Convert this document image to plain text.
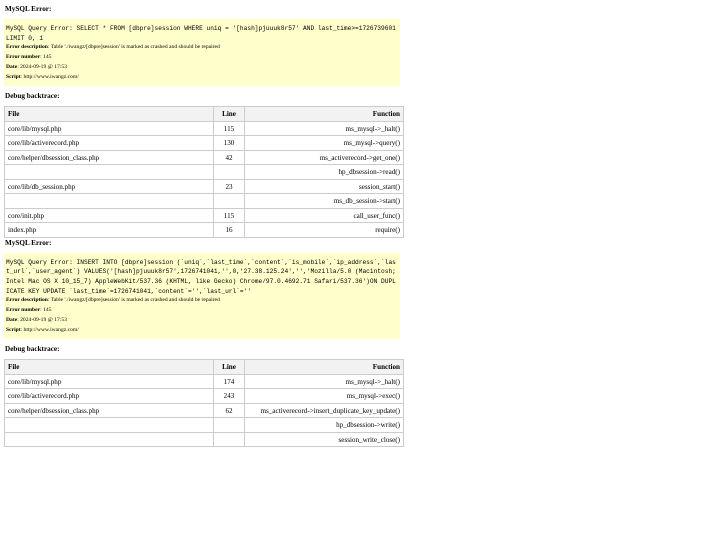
MySQL Error:
MySQL Query Error: SELECT * FROM [dbpre]session WHERE uniq = '[hash]pjuuuk8r57' AND last_time>=1726739601 LIMIT 0, 1
Error description: Table './iwangz/[dbpre]session' is marked as crashed and should be repaired
Error number: 145
Date: 2024-09-19 @ 17:53
Script: http://www.iwangz.com/
Debug backtrace:
File	Line	Function
core/lib/mysql.php	115	ms_mysql->_halt()
core/lib/activerecord.php	130	ms_mysql->query()
core/helper/dbsession_class.php	42	ms_activerecord->get_one()
		hp_dbsession->read()
core/lib/db_session.php	23	session_start()
		ms_db_session->start()
core/init.php	115	call_user_func()
index.php	16	require()
MySQL Error:
MySQL Query Error: INSERT INTO [dbpre]session (`uniq`,`last_time`,`content`,`is_mobile`,`ip_address`,`last_url`,`user_agent`) VALUES('[hash]pjuuuk8r57',1726741041,'',0,'27.38.125.24','','Mozilla/5.0 (Macintosh; Intel Mac OS X 10_15_7) AppleWebKit/537.36 (KHTML, like Gecko) Chrome/97.0.4692.71 Safari/537.36')ON DUPLICATE KEY UPDATE `last_time`=1726741041,`content`='',`last_url`=''
Error description: Table './iwangz/[dbpre]session' is marked as crashed and should be repaired
Error number: 145
Date: 2024-09-19 @ 17:53
Script: http://www.iwangz.com/
Debug backtrace:
File	Line	Function
core/lib/mysql.php	174	ms_mysql->_halt()
core/lib/activerecord.php	243	ms_mysql->exec()
core/helper/dbsession_class.php	62	ms_activerecord->insert_duplicate_key_update()
		hp_dbsession->write()
		session_write_close()
